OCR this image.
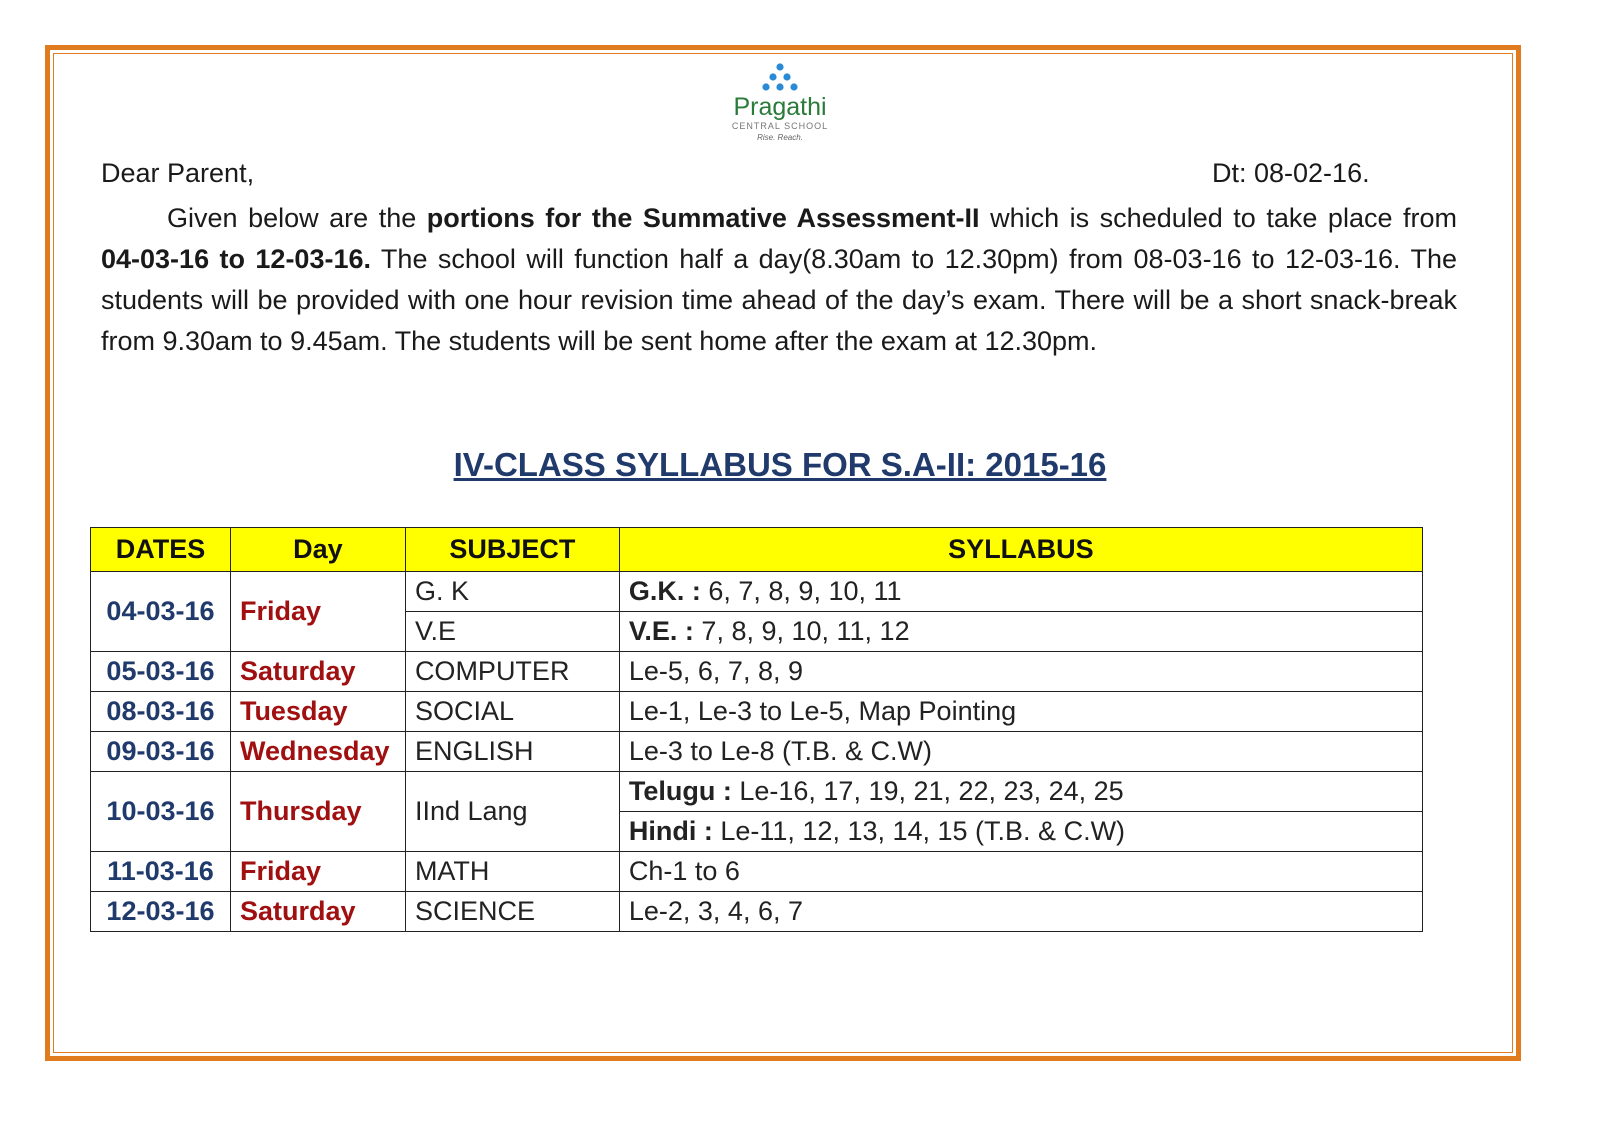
Pragathi
CENTRAL SCHOOL
Rise. Reach.
Dear Parent,	Dt: 08-02-16.
Given below are the portions for the Summative Assessment-II which is scheduled to take place from 04-03-16 to 12-03-16. The school will function half a day(8.30am to 12.30pm) from 08-03-16 to 12-03-16. The students will be provided with one hour revision time ahead of the day’s exam. There will be a short snack-break from 9.30am to 9.45am. The students will be sent home after the exam at 12.30pm.
IV-CLASS SYLLABUS FOR S.A-II: 2015-16
DATES	Day	SUBJECT	SYLLABUS
04-03-16	Friday	G. K	G.K. : 6, 7, 8, 9, 10, 11
		V.E	V.E. : 7, 8, 9, 10, 11, 12
05-03-16	Saturday	COMPUTER	Le-5, 6, 7, 8, 9
08-03-16	Tuesday	SOCIAL	Le-1, Le-3 to Le-5, Map Pointing
09-03-16	Wednesday	ENGLISH	Le-3 to Le-8 (T.B. & C.W)
10-03-16	Thursday	IInd Lang	Telugu : Le-16, 17, 19, 21, 22, 23, 24, 25
			Hindi : Le-11, 12, 13, 14, 15 (T.B. & C.W)
11-03-16	Friday	MATH	Ch-1 to 6
12-03-16	Saturday	SCIENCE	Le-2, 3, 4, 6, 7
